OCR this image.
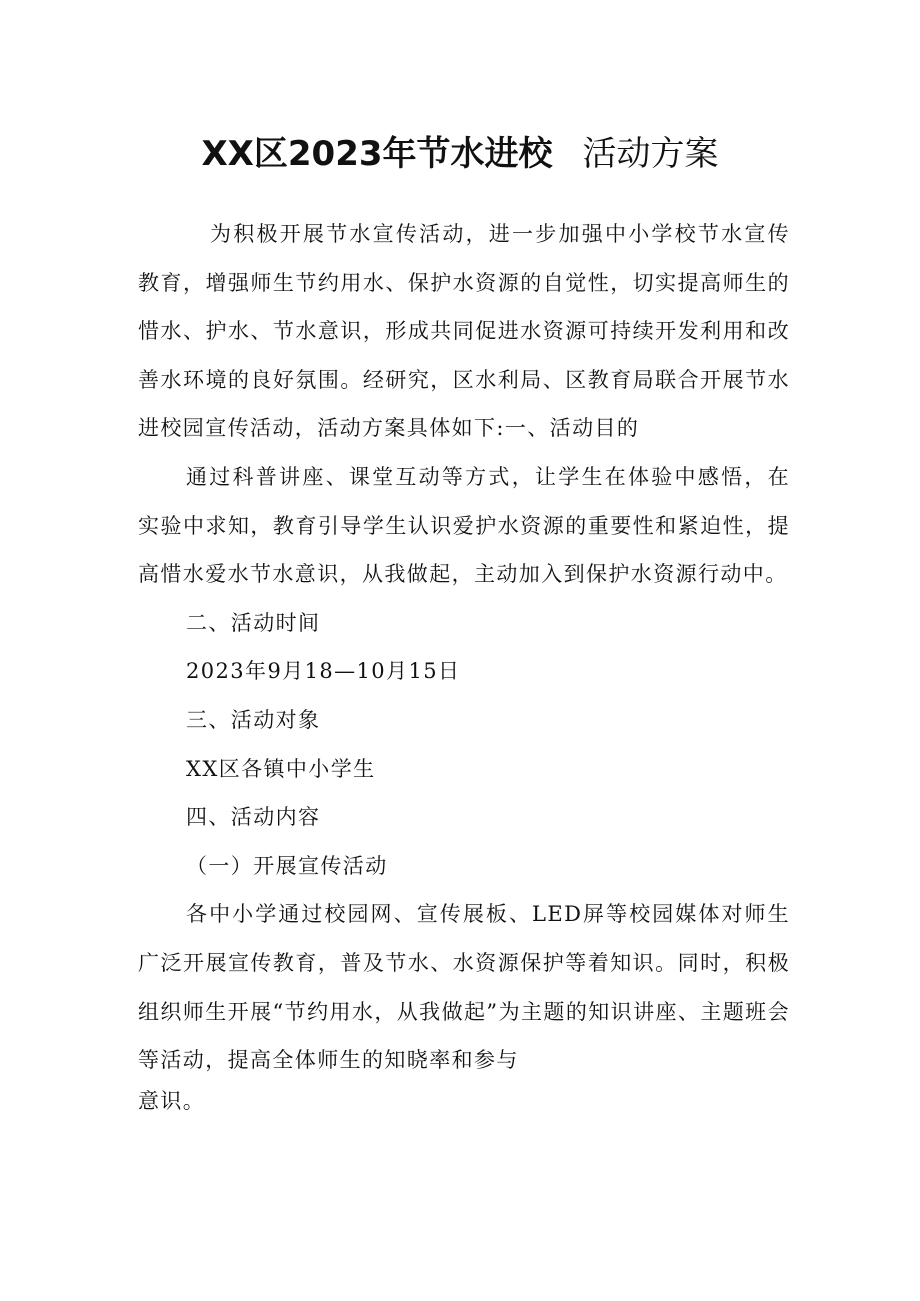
XX区2023年节水进校 活动方案

为积极开展节水宣传活动，进一步加强中小学校节水宣传教育，增强师生节约用水、保护水资源的自觉性，切实提高师生的惜水、护水、节水意识，形成共同促进水资源可持续开发利用和改善水环境的良好氛围。经研究，区水利局、区教育局联合开展节水进校园宣传活动，活动方案具体如下:一、活动目的

通过科普讲座、课堂互动等方式，让学生在体验中感悟，在实验中求知，教育引导学生认识爱护水资源的重要性和紧迫性，提高惜水爱水节水意识，从我做起，主动加入到保护水资源行动中。

二、活动时间

2023年9月18—10月15日

三、活动对象

XX区各镇中小学生

四、活动内容

（一）开展宣传活动

各中小学通过校园网、宣传展板、LED屏等校园媒体对师生广泛开展宣传教育，普及节水、水资源保护等着知识。同时，积极组织师生开展“节约用水，从我做起”为主题的知识讲座、主题班会等活动，提高全体师生的知晓率和参与

意识。
